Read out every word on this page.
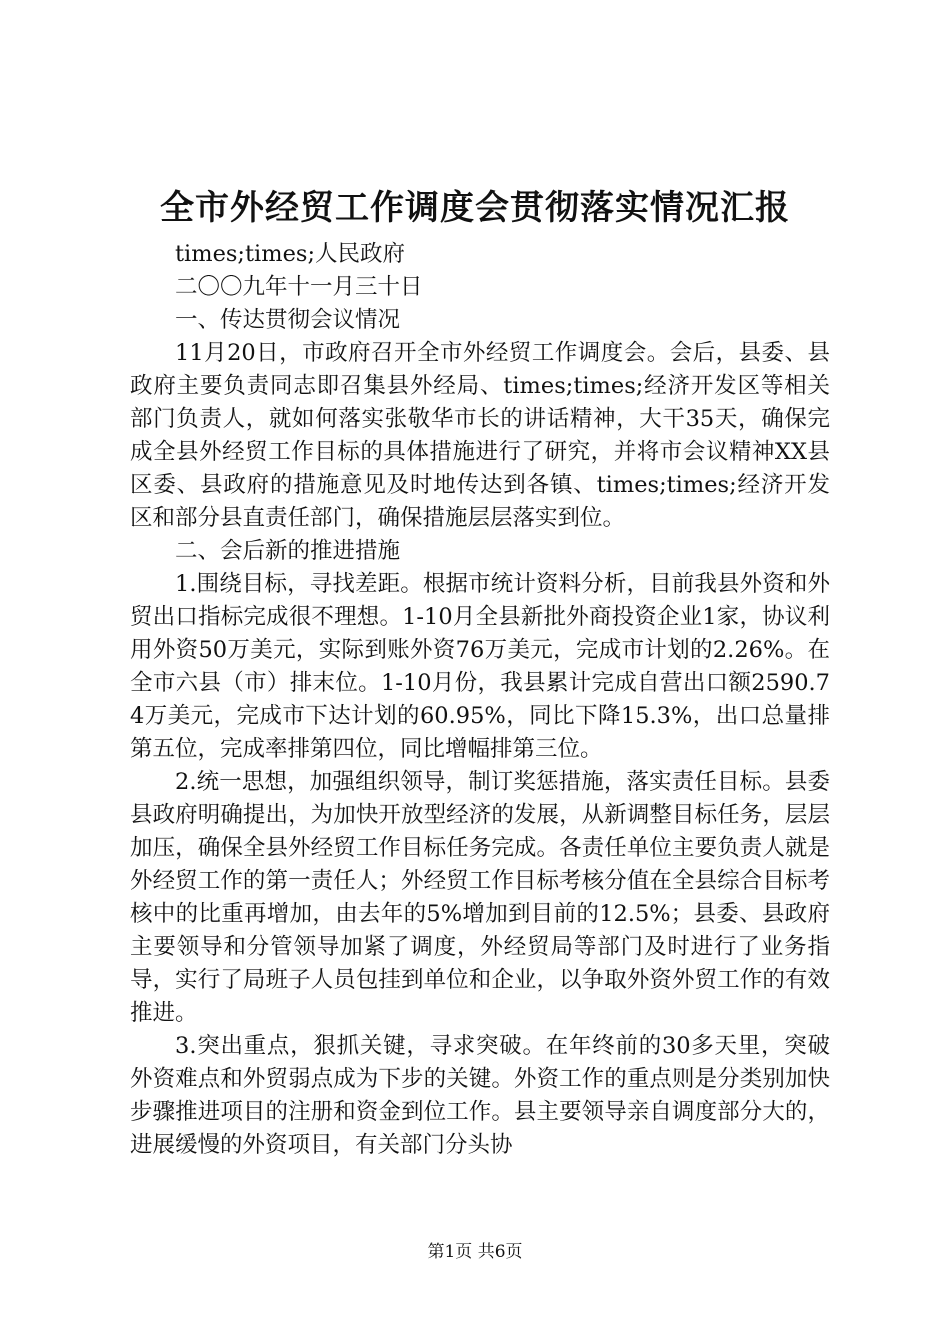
全市外经贸工作调度会贯彻落实情况汇报

times;times;人民政府

二〇〇九年十一月三十日

一、传达贯彻会议情况

11月20日，市政府召开全市外经贸工作调度会。会后，县委、县政府主要负责同志即召集县外经局、times;times;经济开发区等相关部门负责人，就如何落实张敬华市长的讲话精神，大干35天，确保完成全县外经贸工作目标的具体措施进行了研究，并将市会议精神XX县区委、县政府的措施意见及时地传达到各镇、times;times;经济开发区和部分县直责任部门，确保措施层层落实到位。

二、会后新的推进措施

1.围绕目标，寻找差距。根据市统计资料分析，目前我县外资和外贸出口指标完成很不理想。1-10月全县新批外商投资企业1家，协议利用外资50万美元，实际到账外资76万美元，完成市计划的2.26%。在全市六县（市）排末位。1-10月份，我县累计完成自营出口额2590.74万美元，完成市下达计划的60.95%，同比下降15.3%，出口总量排第五位，完成率排第四位，同比增幅排第三位。

2.统一思想，加强组织领导，制订奖惩措施，落实责任目标。县委县政府明确提出，为加快开放型经济的发展，从新调整目标任务，层层加压，确保全县外经贸工作目标任务完成。各责任单位主要负责人就是外经贸工作的第一责任人；外经贸工作目标考核分值在全县综合目标考核中的比重再增加，由去年的5%增加到目前的12.5%；县委、县政府主要领导和分管领导加紧了调度，外经贸局等部门及时进行了业务指导，实行了局班子人员包挂到单位和企业，以争取外资外贸工作的有效推进。

3.突出重点，狠抓关键，寻求突破。在年终前的30多天里，突破外资难点和外贸弱点成为下步的关键。外资工作的重点则是分类别加快步骤推进项目的注册和资金到位工作。县主要领导亲自调度部分大的，进展缓慢的外资项目，有关部门分头协

第1页 共6页
